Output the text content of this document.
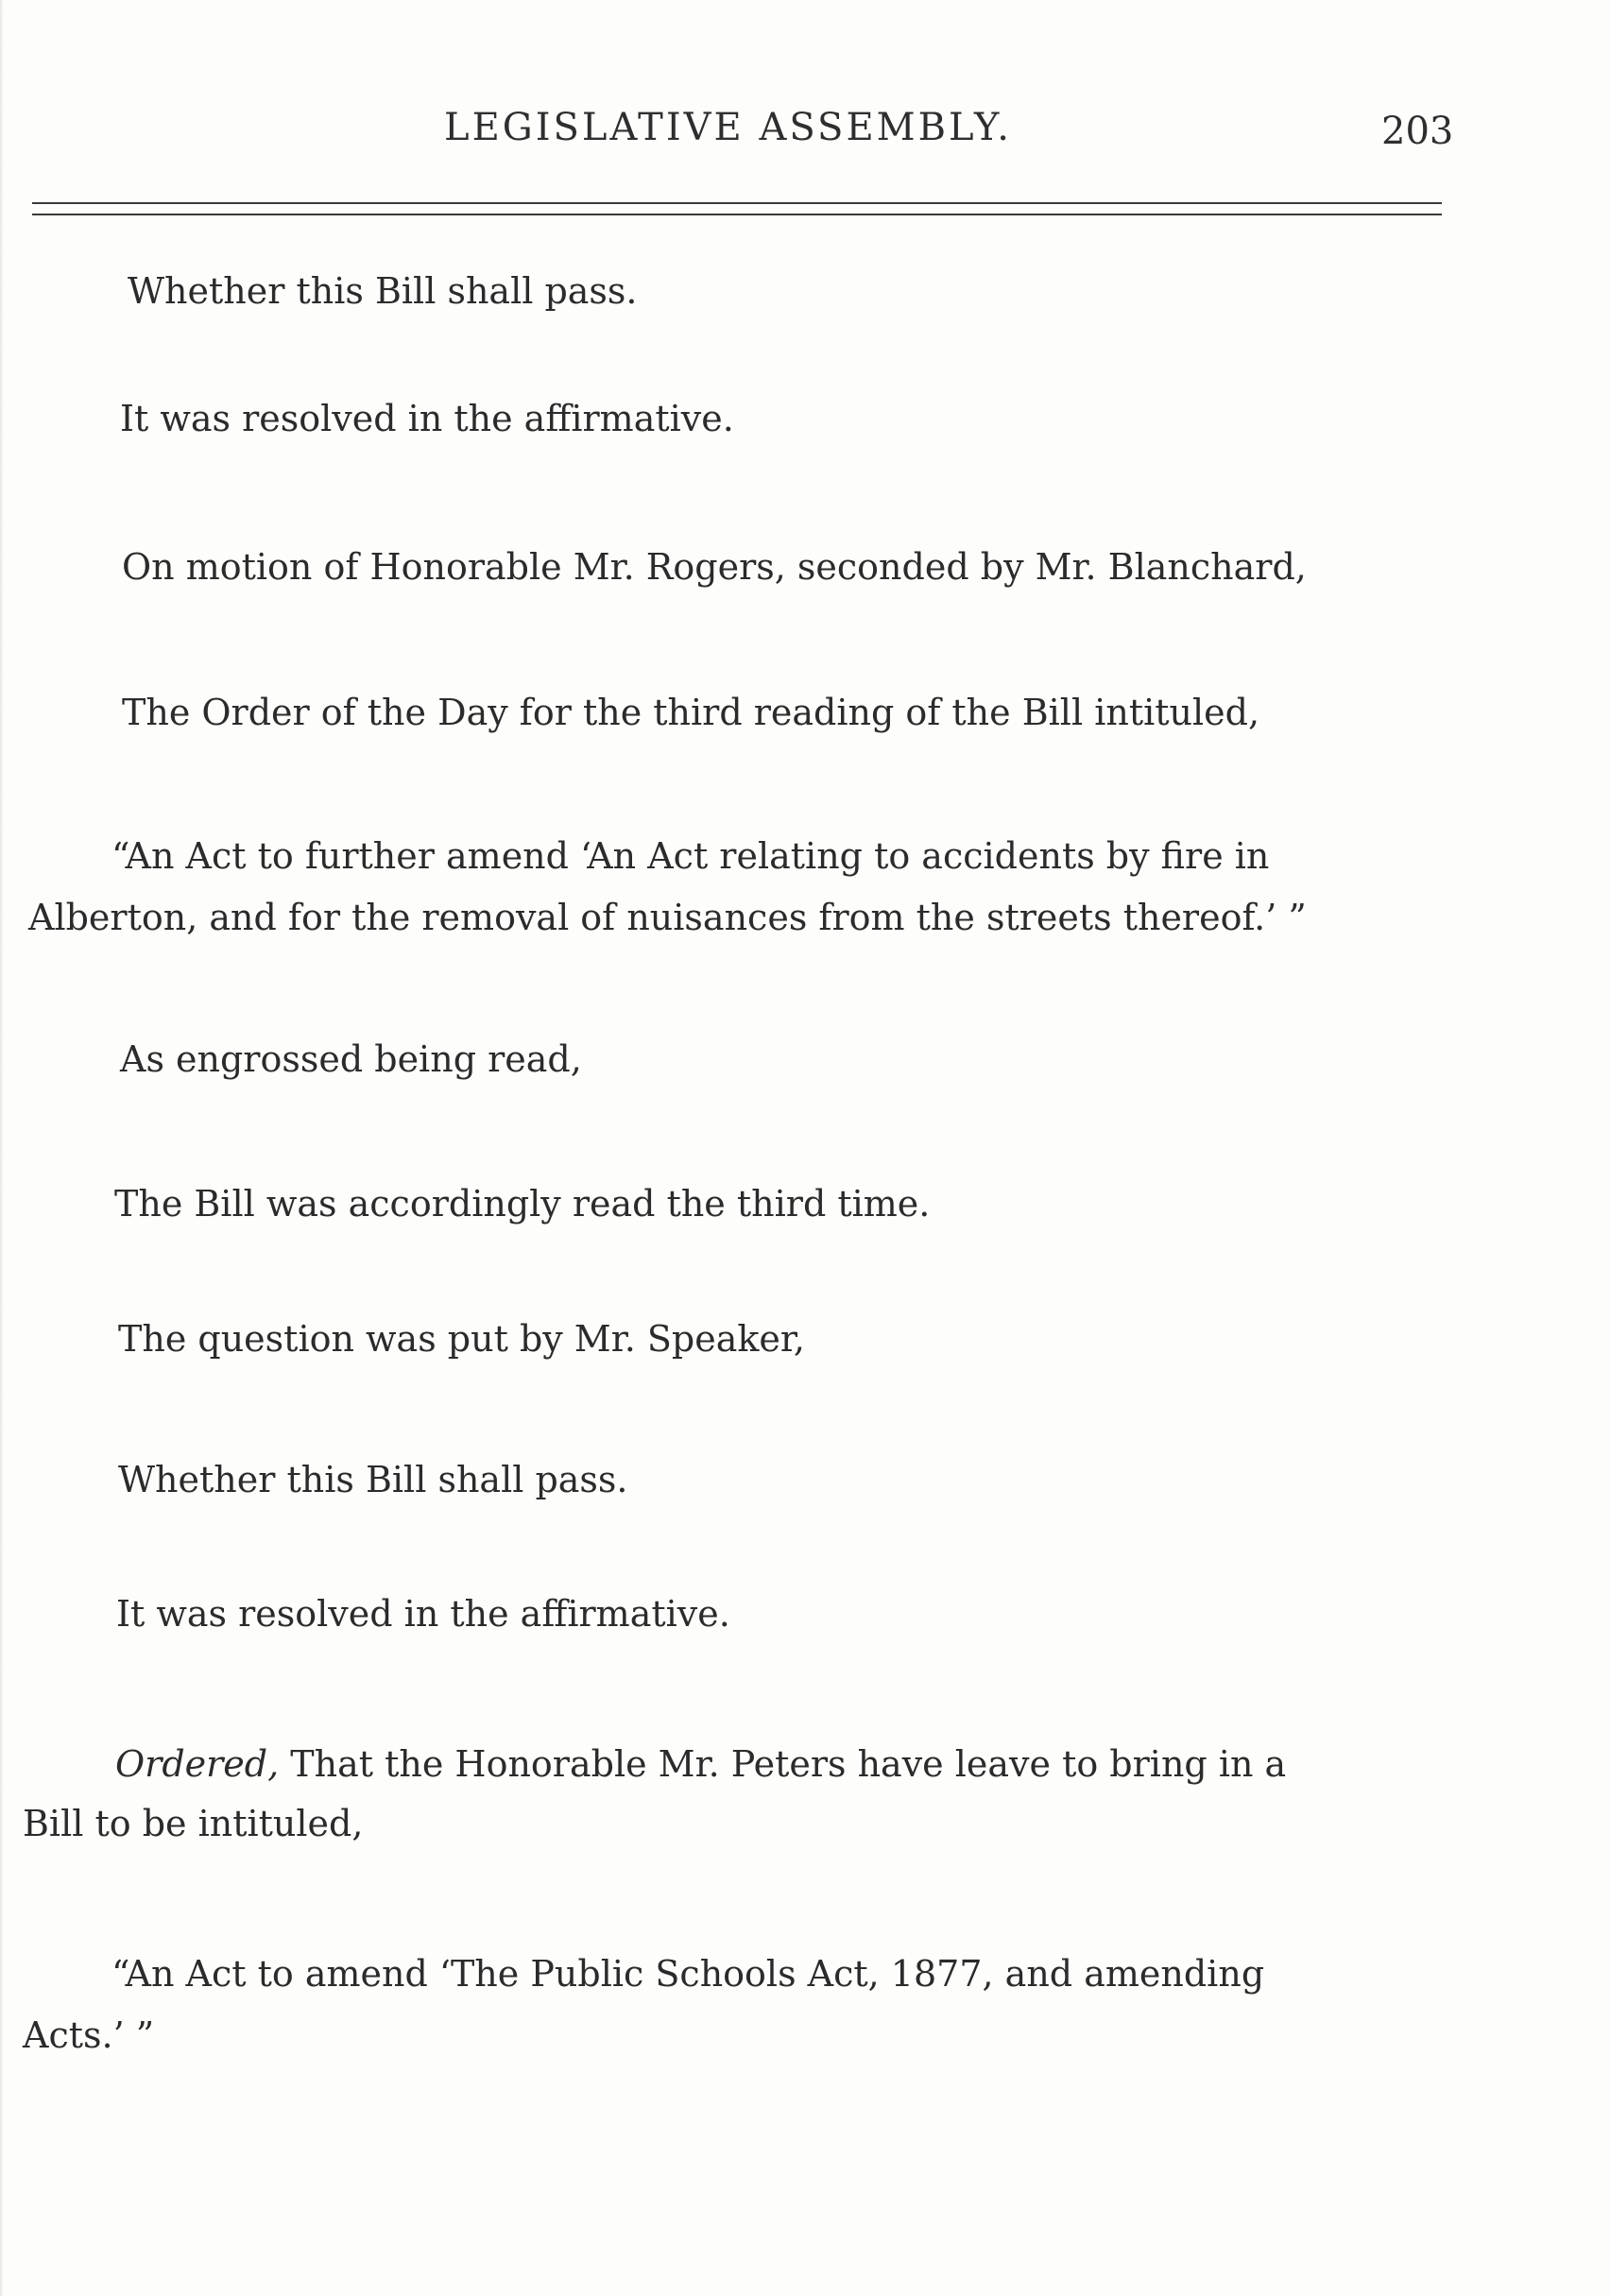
LEGISLATIVE ASSEMBLY.	203
Whether this Bill shall pass.
It was resolved in the affirmative.
On motion of Honorable Mr. Rogers, seconded by Mr. Blanchard,
The Order of the Day for the third reading of the Bill intituled,
“An Act to further amend ‘An Act relating to accidents by fire in
Alberton, and for the removal of nuisances from the streets thereof.’ ”
As engrossed being read,
The Bill was accordingly read the third time.
The question was put by Mr. Speaker,
Whether this Bill shall pass.
It was resolved in the affirmative.
Ordered, That the Honorable Mr. Peters have leave to bring in a
Bill to be intituled,
“An Act to amend ‘The Public Schools Act, 1877, and amending
Acts.’ ”
